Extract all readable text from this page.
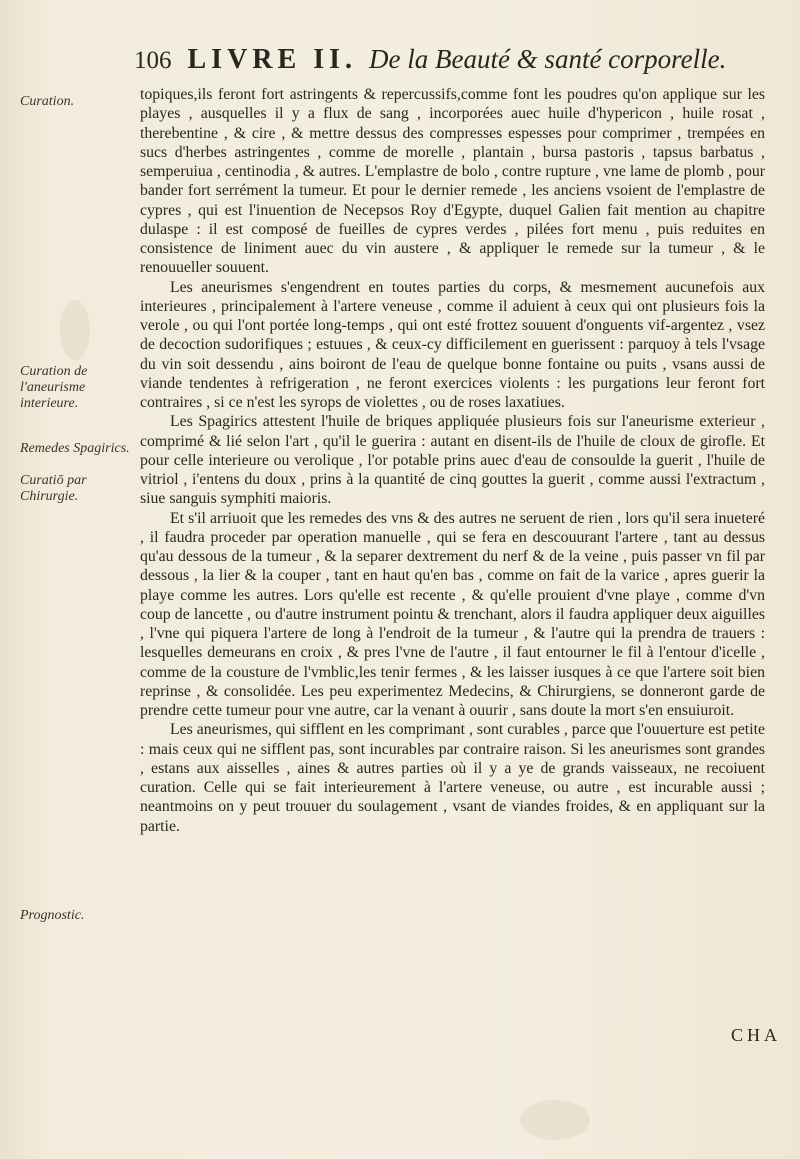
106 LIVRE II. De la Beauté & santé corporelle.
Curation.
Curation de l'aneurisme interieure.
Remedes Spagirics.
Curatiō par Chirurgie.
Prognostic.

topiques,ils feront fort astringents & repercussifs,comme font les poudres qu'on applique sur les playes , ausquelles il y a flux de sang , incorporées auec huile d'hypericon , huile rosat , therebentine , & cire , & mettre dessus des compresses espesses pour comprimer , trempées en sucs d'herbes astringentes , comme de morelle , plantain , bursa pastoris , tapsus barbatus , semperuiua , centinodia , & autres. L'emplastre de bolo , contre rupture , vne lame de plomb , pour bander fort serrément la tumeur. Et pour le dernier remede , les anciens vsoient de l'emplastre de cypres , qui est l'inuention de Necepsos Roy d'Egypte, duquel Galien fait mention au chapitre dulaspe : il est composé de fueilles de cypres verdes , pilées fort menu , puis reduites en consistence de liniment auec du vin austere , & appliquer le remede sur la tumeur , & le renouueller souuent.

Les aneurismes s'engendrent en toutes parties du corps, & mesmement aucunefois aux interieures , principalement à l'artere veneuse , comme il aduient à ceux qui ont plusieurs fois la verole , ou qui l'ont portée long-temps , qui ont esté frottez souuent d'onguents vif-argentez , vsez de decoction sudorifiques ; estuues , & ceux-cy difficilement en guerissent : parquoy à tels l'vsage du vin soit dessendu , ains boiront de l'eau de quelque bonne fontaine ou puits , vsans aussi de viande tendentes à refrigeration , ne feront exercices violents : les purgations leur feront fort contraires , si ce n'est les syrops de violettes , ou de roses laxatiues.

Les Spagirics attestent l'huile de briques appliquée plusieurs fois sur l'aneurisme exterieur , comprimé & lié selon l'art , qu'il le guerira : autant en disent-ils de l'huile de cloux de girofle. Et pour celle interieure ou verolique , l'or potable prins auec d'eau de consoulde la guerit , l'huile de vitriol , i'entens du doux , prins à la quantité de cinq gouttes la guerit , comme aussi l'extractum , siue sanguis symphiti maioris.

Et s'il arriuoit que les remedes des vns & des autres ne seruent de rien , lors qu'il sera inueteré , il faudra proceder par operation manuelle , qui se fera en descouurant l'artere , tant au dessus qu'au dessous de la tumeur , & la separer dextrement du nerf & de la veine , puis passer vn fil par dessous , la lier & la couper , tant en haut qu'en bas , comme on fait de la varice , apres guerir la playe comme les autres. Lors qu'elle est recente , & qu'elle prouient d'vne playe , comme d'vn coup de lancette , ou d'autre instrument pointu & trenchant, alors il faudra appliquer deux aiguilles , l'vne qui piquera l'artere de long à l'endroit de la tumeur , & l'autre qui la prendra de trauers : lesquelles demeurans en croix , & pres l'vne de l'autre , il faut entourner le fil à l'entour d'icelle , comme de la cousture de l'vmblic,les tenir fermes , & les laisser iusques à ce que l'artere soit bien reprinse , & consolidée. Les peu experimentez Medecins, & Chirurgiens, se donneront garde de prendre cette tumeur pour vne autre, car la venant à ouurir , sans doute la mort s'en ensuiuroit.

Les aneurismes, qui sifflent en les comprimant , sont curables , parce que l'ouuerture est petite : mais ceux qui ne sifflent pas, sont incurables par contraire raison. Si les aneurismes sont grandes , estans aux aisselles , aines & autres parties où il y a ye de grands vaisseaux, ne recoiuent curation. Celle qui se fait interieurement à l'artere veneuse, ou autre , est incurable aussi ; neantmoins on y peut trouuer du soulagement , vsant de viandes froides, & en appliquant sur la partie.

CHA
